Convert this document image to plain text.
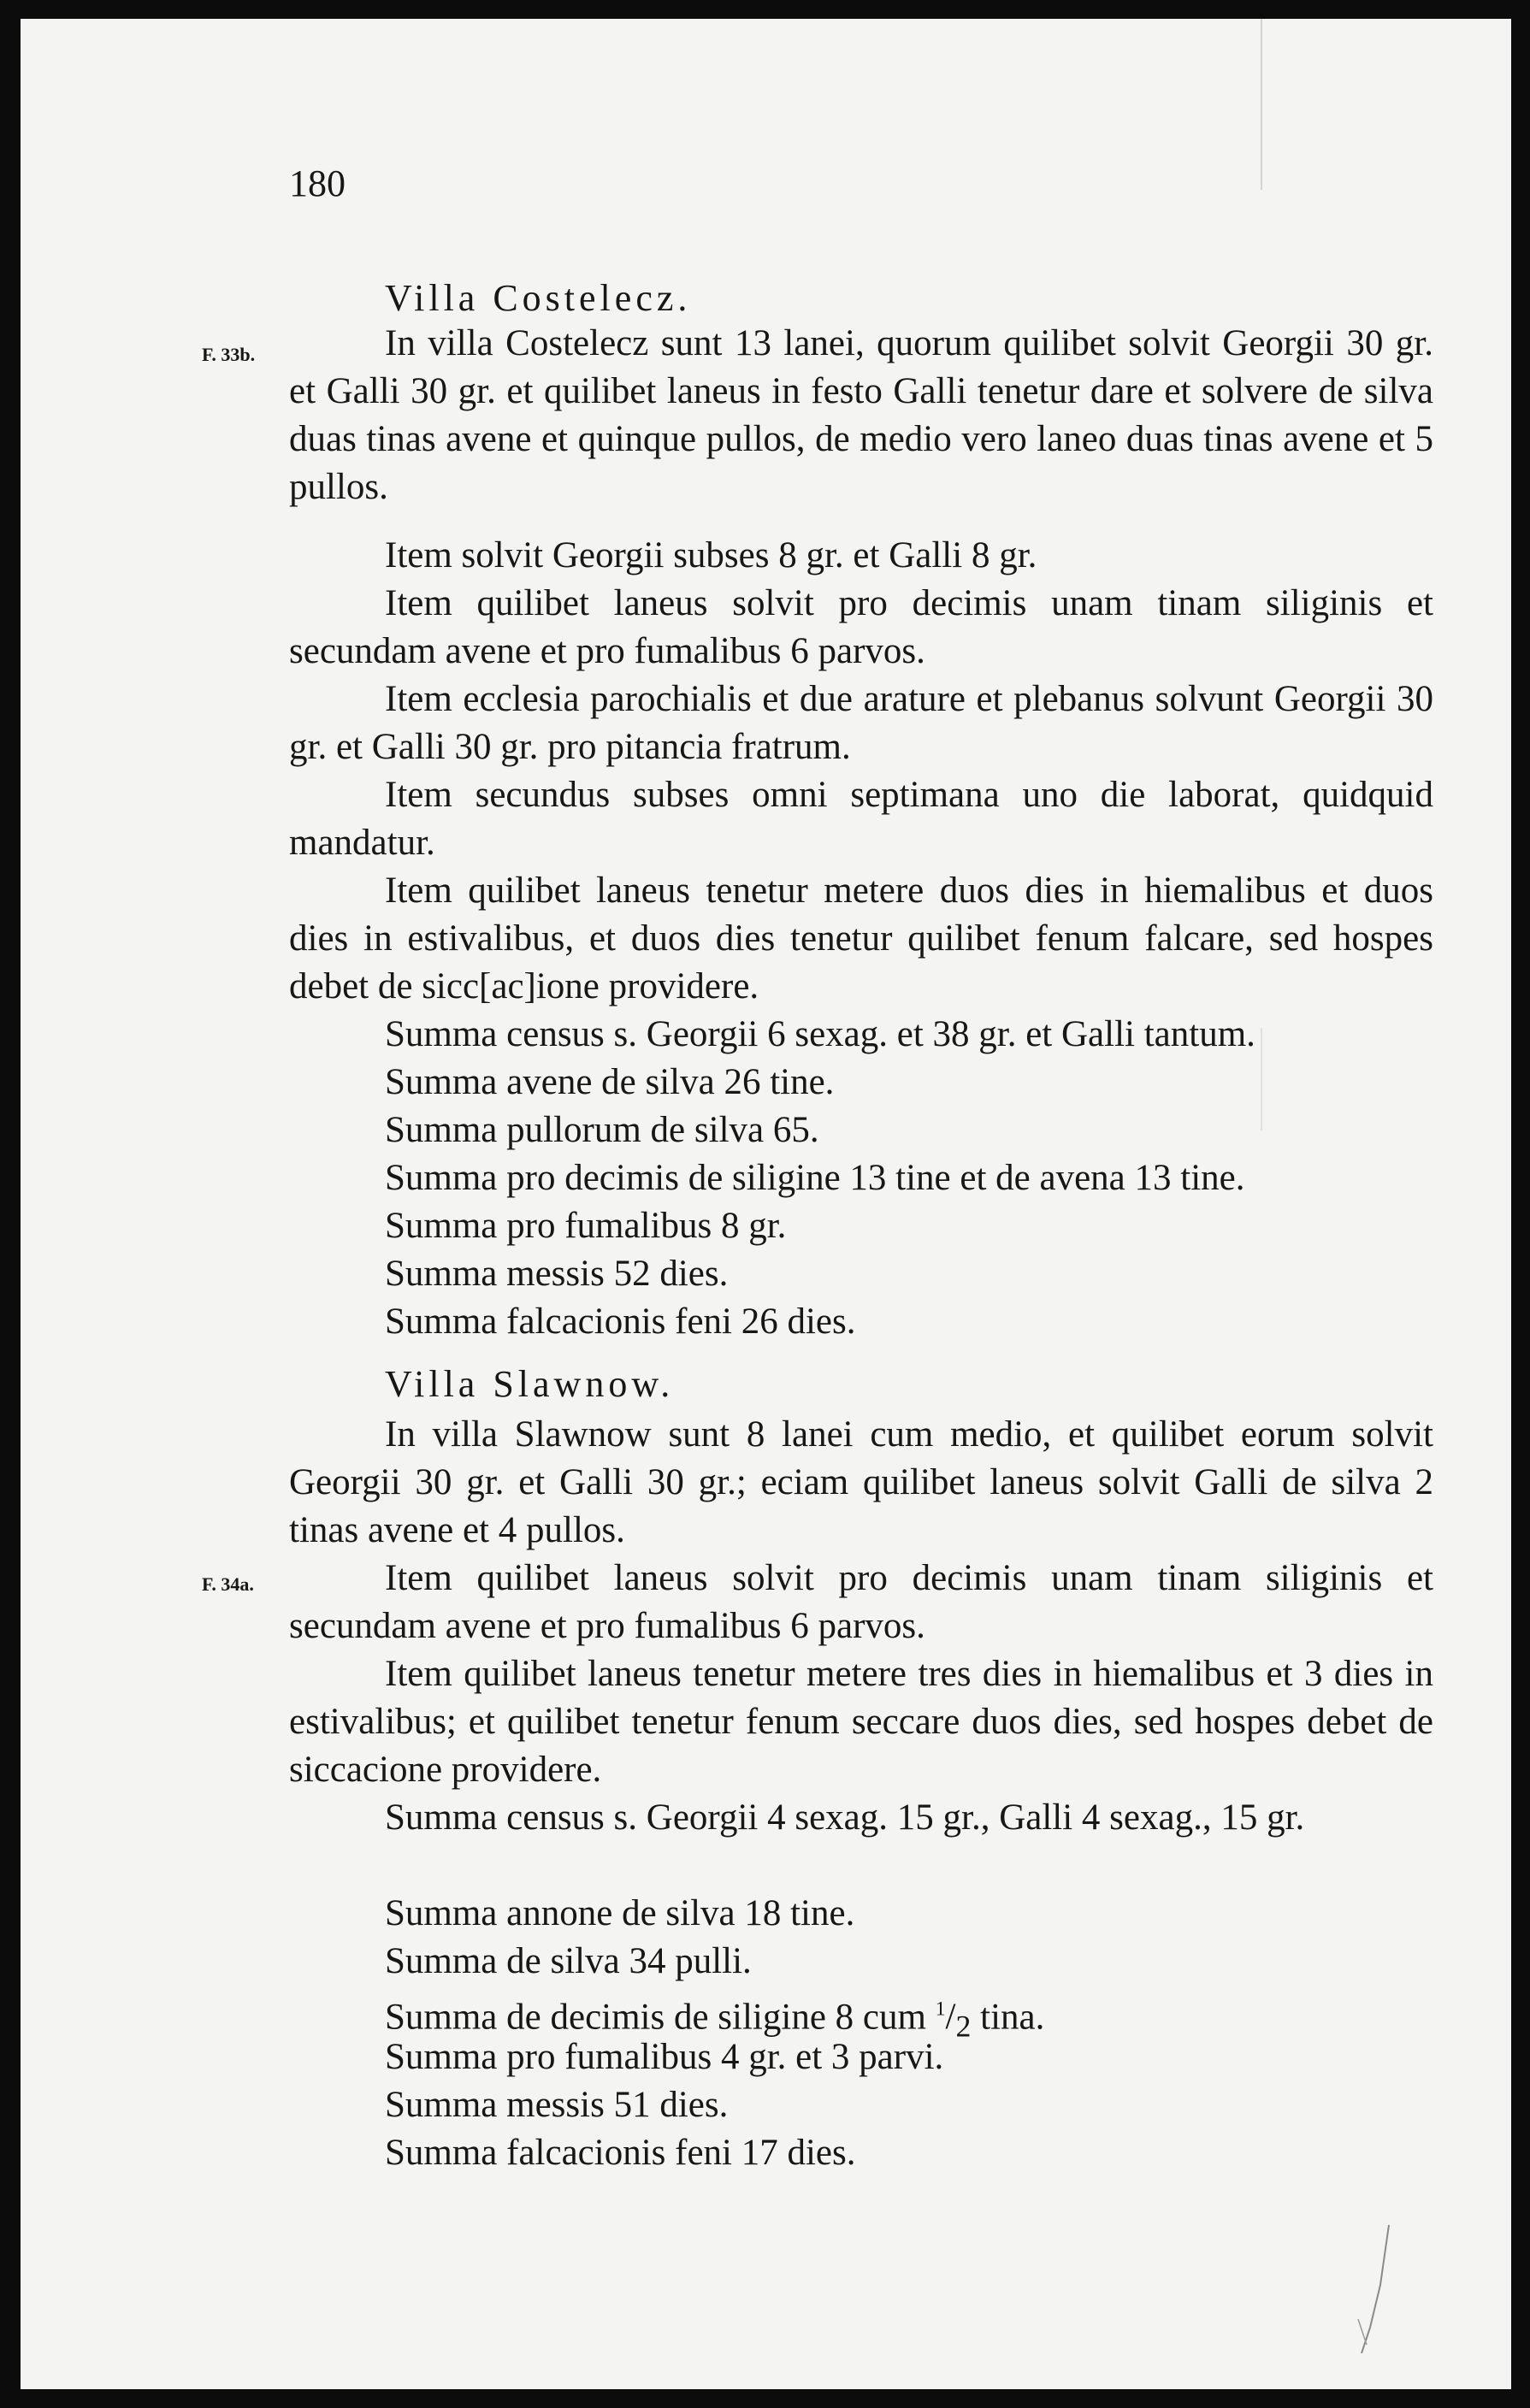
180

Villa Costelecz.
F. 33b.	In villa Costelecz sunt 13 lanei, quorum quilibet solvit Georgii 30 gr. et Galli 30 gr. et quilibet laneus in festo Galli tenetur dare et solvere de silva duas tinas avene et quinque pullos, de medio vero laneo duas tinas avene et 5 pullos.

Item solvit Georgii subses 8 gr. et Galli 8 gr.

Item quilibet laneus solvit pro decimis unam tinam siliginis et secundam avene et pro fumalibus 6 parvos.

Item ecclesia parochialis et due arature et plebanus solvunt Georgii 30 gr. et Galli 30 gr. pro pitancia fratrum.

Item secundus subses omni septimana uno die laborat, quidquid mandatur.

Item quilibet laneus tenetur metere duos dies in hiemalibus et duos dies in estivalibus, et duos dies tenetur quilibet fenum falcare, sed hospes debet de sicc[ac]ione providere.

Summa census s. Georgii 6 sexag. et 38 gr. et Galli tantum.

Summa avene de silva 26 tine.

Summa pullorum de silva 65.

Summa pro decimis de siligine 13 tine et de avena 13 tine.

Summa pro fumalibus 8 gr.

Summa messis 52 dies.

Summa falcacionis feni 26 dies.

Villa Slawnow.
F. 34a.

In villa Slawnow sunt 8 lanei cum medio, et quilibet eorum solvit Georgii 30 gr. et Galli 30 gr.; eciam quilibet laneus solvit Galli de silva 2 tinas avene et 4 pullos.

Item quilibet laneus solvit pro decimis unam tinam siliginis et secundam avene et pro fumalibus 6 parvos.

Item quilibet laneus tenetur metere tres dies in hiemalibus et 3 dies in estivalibus; et quilibet tenetur fenum seccare duos dies, sed hospes debet de siccacione providere.

Summa census s. Georgii 4 sexag. 15 gr., Galli 4 sexag., 15 gr.

Summa annone de silva 18 tine.

Summa de silva 34 pulli.

Summa de decimis de siligine 8 cum $^1/_2$ tina.

Summa pro fumalibus 4 gr. et 3 parvi.

Summa messis 51 dies.

Summa falcacionis feni 17 dies.
